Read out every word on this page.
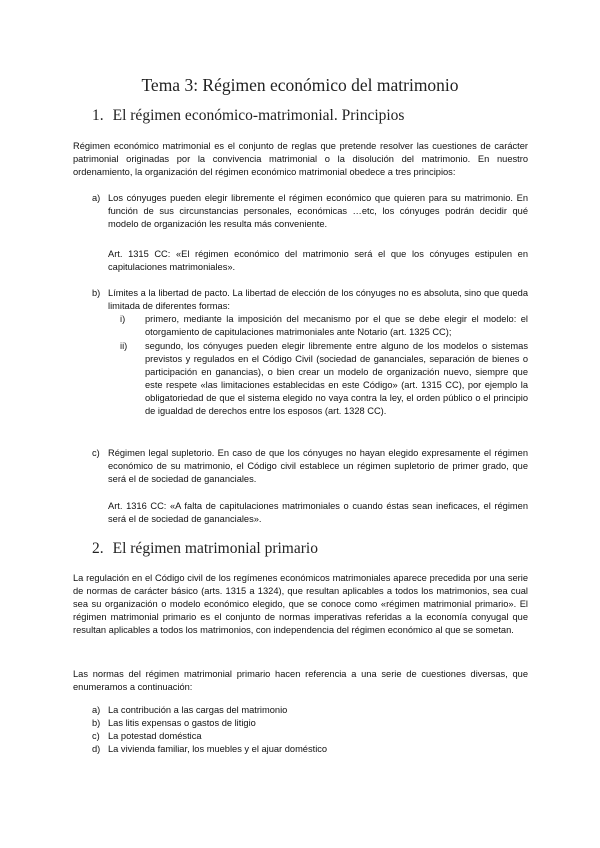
Tema 3: Régimen económico del matrimonio
1. El régimen económico-matrimonial. Principios
Régimen económico matrimonial es el conjunto de reglas que pretende resolver las cuestiones de carácter patrimonial originadas por la convivencia matrimonial o la disolución del matrimonio. En nuestro ordenamiento, la organización del régimen económico matrimonial obedece a tres principios:
a) Los cónyuges pueden elegir libremente el régimen económico que quieren para su matrimonio. En función de sus circunstancias personales, económicas …etc, los cónyuges podrán decidir qué modelo de organización les resulta más conveniente.
Art. 1315 CC: «El régimen económico del matrimonio será el que los cónyuges estipulen en capitulaciones matrimoniales».
b) Límites a la libertad de pacto. La libertad de elección de los cónyuges no es absoluta, sino que queda limitada de diferentes formas:
i) primero, mediante la imposición del mecanismo por el que se debe elegir el modelo: el otorgamiento de capitulaciones matrimoniales ante Notario (art. 1325 CC);
ii) segundo, los cónyuges pueden elegir libremente entre alguno de los modelos o sistemas previstos y regulados en el Código Civil (sociedad de gananciales, separación de bienes o participación en ganancias), o bien crear un modelo de organización nuevo, siempre que este respete «las limitaciones establecidas en este Código» (art. 1315 CC), por ejemplo la obligatoriedad de que el sistema elegido no vaya contra la ley, el orden público o el principio de igualdad de derechos entre los esposos (art. 1328 CC).
c) Régimen legal supletorio. En caso de que los cónyuges no hayan elegido expresamente el régimen económico de su matrimonio, el Código civil establece un régimen supletorio de primer grado, que será el de sociedad de gananciales.
Art. 1316 CC: «A falta de capitulaciones matrimoniales o cuando éstas sean ineficaces, el régimen será el de sociedad de gananciales».
2. El régimen matrimonial primario
La regulación en el Código civil de los regímenes económicos matrimoniales aparece precedida por una serie de normas de carácter básico (arts. 1315 a 1324), que resultan aplicables a todos los matrimonios, sea cual sea su organización o modelo económico elegido, que se conoce como «régimen matrimonial primario». El régimen matrimonial primario es el conjunto de normas imperativas referidas a la economía conyugal que resultan aplicables a todos los matrimonios, con independencia del régimen económico al que se sometan.
Las normas del régimen matrimonial primario hacen referencia a una serie de cuestiones diversas, que enumeramos a continuación:
a) La contribución a las cargas del matrimonio
b) Las litis expensas o gastos de litigio
c) La potestad doméstica
d) La vivienda familiar, los muebles y el ajuar doméstico
